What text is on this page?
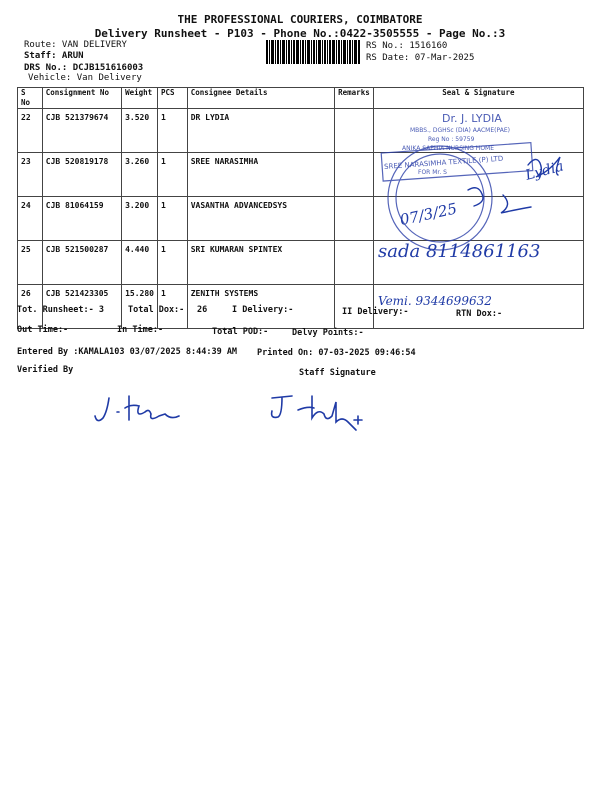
THE PROFESSIONAL COURIERS, COIMBATORE
Delivery Runsheet - P103 - Phone No.:0422-3505555 - Page No.:3
Route: VAN DELIVERY
Staff: ARUN
DRS No.: DCJB151616003
Vehicle: Van Delivery
RS No.: 1516160
RS Date: 07-Mar-2025
S No	Consignment No	Weight	PCS	Consignee Details	Remarks	Seal & Signature
22	CJB 521379674	3.520	1	DR LYDIA		
23	CJB 520819178	3.260	1	SREE NARASIMHA		
24	CJB 81064159	3.200	1	VASANTHA ADVANCEDSYS		
25	CJB 521500287	4.440	1	SRI KUMARAN SPINTEX		
26	CJB 521423305	15.280	1	ZENITH SYSTEMS		
Dr. J. LYDIA
MBBS., DGHSc (DIA) AACME(PAE)
Reg No : 59759
ANIKA SAPHIA NURSING HOME
SREE NARASIMHA TEXTILE (P) LTD
FOR Mr. S	Lydia
07/3/25
sada 8114861163
Vemi. 9344699632
Tot. Runsheet:- 3	Total Dox:- 26	I Delivery:-	II Delivery:-	RTN Dox:-
Out Time:-	In Time:-	Total POD:-	Delvy Points:-
Entered By :KAMALA103 03/07/2025 8:44:39 AM Printed On: 07-03-2025 09:46:54
Verified By	Staff Signature
